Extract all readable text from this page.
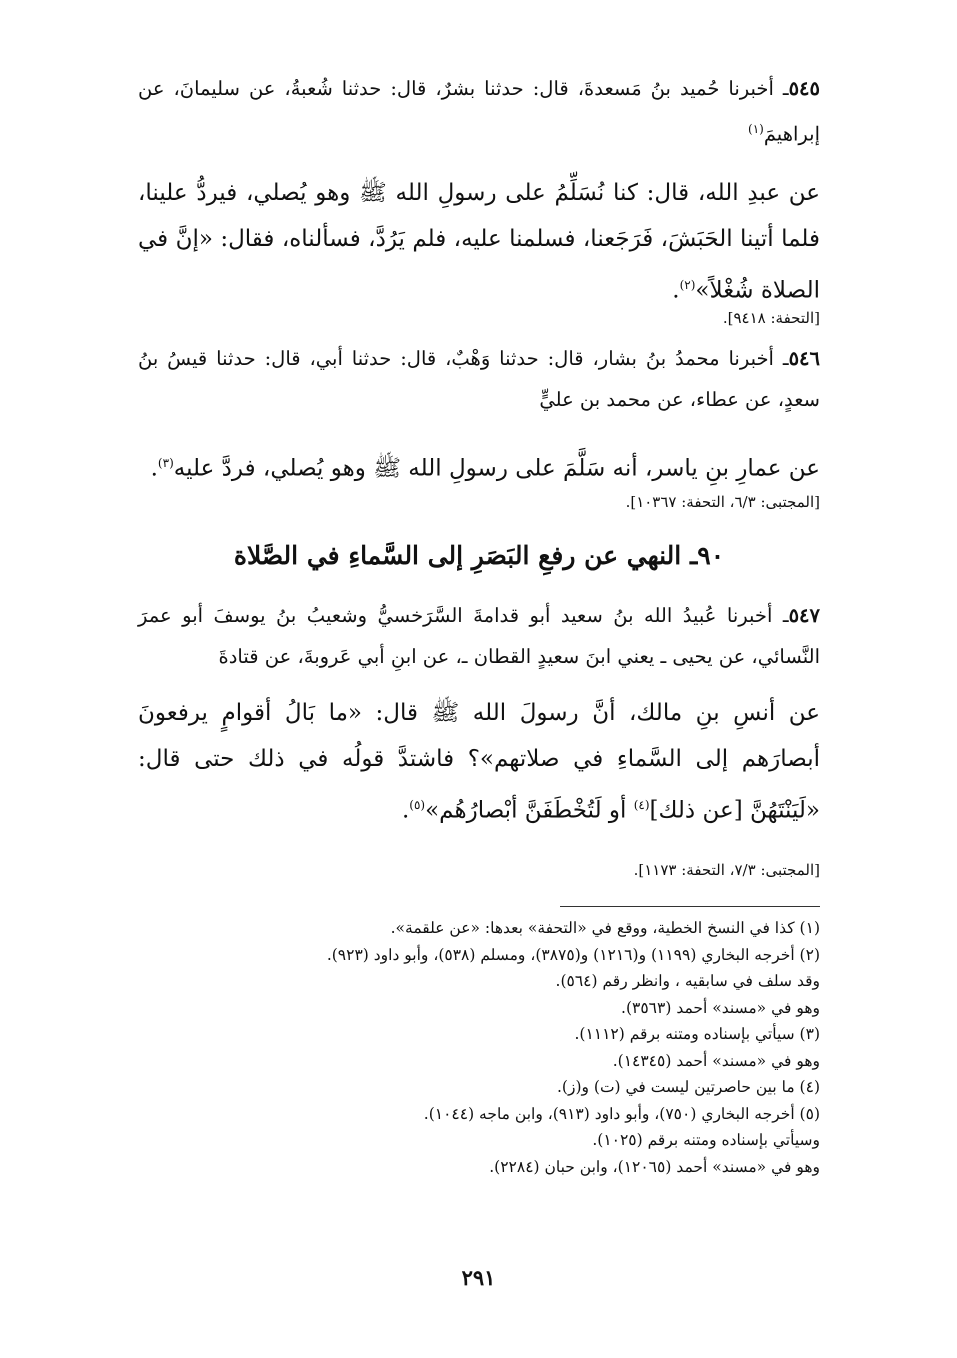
٥٤٥ـ أخبرنا حُميد بنُ مَسعدةَ، قال: حدثنا بشرٌ، قال: حدثنا شُعبةُ، عن سليمانَ، عن إبراهيمَ$^{(١)}$
عن عبدِ الله، قال: كنا نُسَلِّمُ على رسولِ الله ﷺ وهو يُصلي، فيردُّ علينا، فلما أتينا الحَبَشَ، فَرَجَعنا، فسلمنا عليه، فلم يَرُدَّ، فسألناه، فقال: «إنَّ في الصلاة شُغْلاً»$^{(٢)}$.
[التحفة: ٩٤١٨].
٥٤٦ـ أخبرنا محمدُ بنُ بشار، قال: حدثنا وَهْبٌ، قال: حدثنا أبي، قال: حدثنا قيسُ بنُ سعدٍ، عن عطاء، عن محمد بن عليٍّ
عن عمارِ بنِ ياسر، أنه سَلَّمَ على رسولِ الله ﷺ وهو يُصلي، فردَّ عليه$^{(٣)}$.
[المجتبى: ٦/٣، التحفة: ١٠٣٦٧].
٩٠ـ النهي عن رفعِ البَصَرِ إلى السَّماءِ في الصَّلاة
٥٤٧ـ أخبرنا عُبيدُ الله بنُ سعيد أبو قدامةَ السَّرَخسيُّ وشعيبُ بنُ يوسفَ أبو عمرَ النَّسائي، عن يحيى ـ يعني ابنَ سعيدٍ القطان ـ، عن ابنِ أبي عَروبةَ، عن قتادةَ
عن أنسِ بنِ مالك، أنَّ رسولَ الله ﷺ قال: «ما بَالُ أقوامٍ يرفعونَ أبصارَهم إلى السَّماءِ في صلاتهم»؟ فاشتدَّ قولُه في ذلك حتى قال: «لَيَنْتَهُنَّ [عن ذلك]$^{(٤)}$ أو لَتُخْطَفَنَّ أبْصارُهُم»$^{(٥)}$.
[المجتبى: ٧/٣، التحفة: ١١٧٣].
(١) كذا في النسخ الخطية، ووقع في «التحفة» بعدها: «عن علقمة».
(٢) أخرجه البخاري (١١٩٩) و(١٢١٦) و(٣٨٧٥)، ومسلم (٥٣٨)، وأبو داود (٩٢٣).
وقد سلف في سابقيه ، وانظر رقم (٥٦٤).
وهو في «مسند» أحمد (٣٥٦٣).
(٣) سيأتي بإسناده ومتنه برقم (١١١٢).
وهو في «مسند» أحمد (١٤٣٤٥).
(٤) ما بين حاصرتين ليست في (ت) و(ز).
(٥) أخرجه البخاري (٧٥٠)، وأبو داود (٩١٣)، وابن ماجه (١٠٤٤).
وسيأتي بإسناده ومتنه برقم (١٠٢٥).
وهو في «مسند» أحمد (١٢٠٦٥)، وابن حبان (٢٢٨٤).
٢٩١
